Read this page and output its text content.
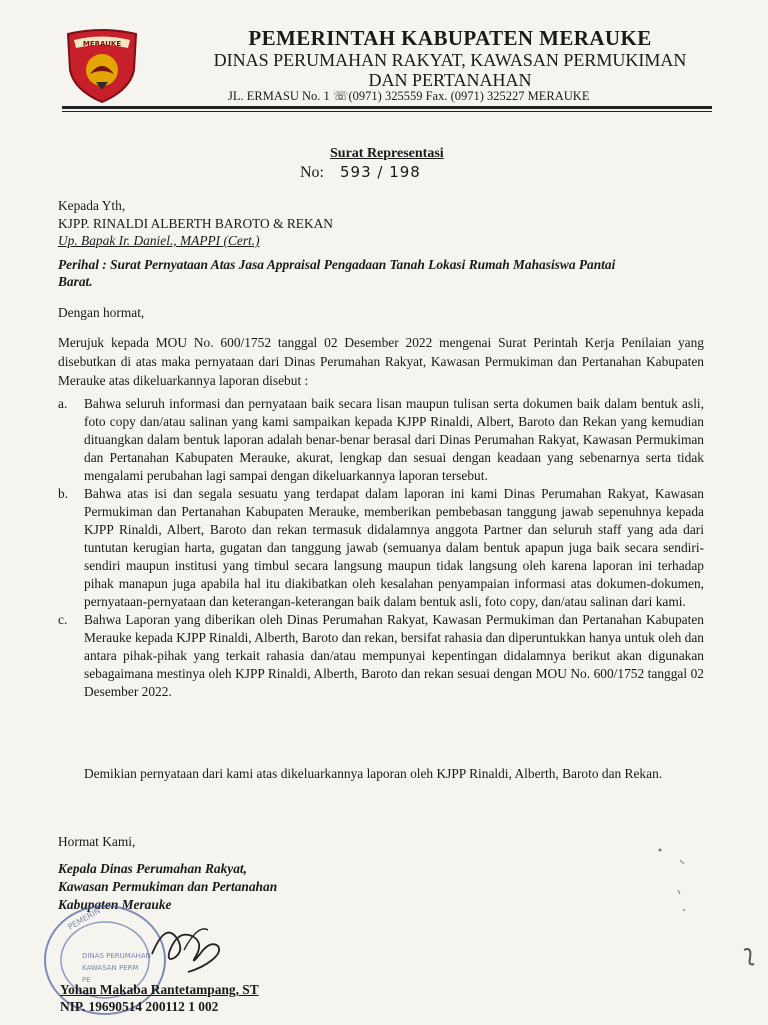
MERAUKE	PEMERINTAH KABUPATEN MERAUKE
DINAS PERUMAHAN RAKYAT, KAWASAN PERMUKIMAN
DAN PERTANAHAN
JL. ERMASU No. 1 ☏(0971) 325559 Fax. (0971) 325227 MERAUKE
Surat Representasi
No: 593 / 198
Kepada Yth,
KJPP. RINALDI ALBERTH BAROTO & REKAN
Up. Bapak Ir. Daniel., MAPPI (Cert.)
Perihal : Surat Pernyataan Atas Jasa Appraisal Pengadaan Tanah Lokasi Rumah Mahasiswa Pantai
Barat.
Dengan hormat,
Merujuk kepada MOU No. 600/1752 tanggal 02 Desember 2022 mengenai Surat Perintah Kerja Penilaian yang disebutkan di atas maka pernyataan dari Dinas Perumahan Rakyat, Kawasan Permukiman dan Pertanahan Kabupaten Merauke atas dikeluarkannya laporan disebut :
a.	Bahwa seluruh informasi dan pernyataan baik secara lisan maupun tulisan serta dokumen baik dalam bentuk asli, foto copy dan/atau salinan yang kami sampaikan kepada KJPP Rinaldi, Albert, Baroto dan Rekan yang kemudian dituangkan dalam bentuk laporan adalah benar-benar berasal dari Dinas Perumahan Rakyat, Kawasan Permukiman dan Pertanahan Kabupaten Merauke, akurat, lengkap dan sesuai dengan keadaan yang sebenarnya serta tidak mengalami perubahan lagi sampai dengan dikeluarkannya laporan tersebut.
b.	Bahwa atas isi dan segala sesuatu yang terdapat dalam laporan ini kami Dinas Perumahan Rakyat, Kawasan Permukiman dan Pertanahan Kabupaten Merauke, memberikan pembebasan tanggung jawab sepenuhnya kepada KJPP Rinaldi, Albert, Baroto dan rekan termasuk didalamnya anggota Partner dan seluruh staff yang ada dari tuntutan kerugian harta, gugatan dan tanggung jawab (semuanya dalam bentuk apapun juga baik secara sendiri-sendiri maupun institusi yang timbul secara langsung maupun tidak langsung oleh karena laporan ini terhadap pihak manapun juga apabila hal itu diakibatkan oleh kesalahan penyampaian informasi atas dokumen-dokumen, pernyataan-pernyataan dan keterangan-keterangan baik dalam bentuk asli, foto copy, dan/atau salinan dari kami.
c.	Bahwa Laporan yang diberikan oleh Dinas Perumahan Rakyat, Kawasan Permukiman dan Pertanahan Kabupaten Merauke kepada KJPP Rinaldi, Alberth, Baroto dan rekan, bersifat rahasia dan diperuntukkan hanya untuk oleh dan antara pihak-pihak yang terkait rahasia dan/atau mempunyai kepentingan didalamnya berikut akan digunakan sebagaimana mestinya oleh KJPP Rinaldi, Alberth, Baroto dan rekan sesuai dengan MOU No. 600/1752 tanggal 02 Desember 2022.
Demikian pernyataan dari kami atas dikeluarkannya laporan oleh KJPP Rinaldi, Alberth, Baroto dan Rekan.
Hormat Kami,
Kepala Dinas Perumahan Rakyat,
Kawasan Permukiman dan Pertanahan
Kabupaten Merauke
PEMERIN
DINAS PERUMAHAN
KAWASAN PERM
PE
Yohan Makaba Rantetampang, ST
NIP. 19690514 200112 1 002
